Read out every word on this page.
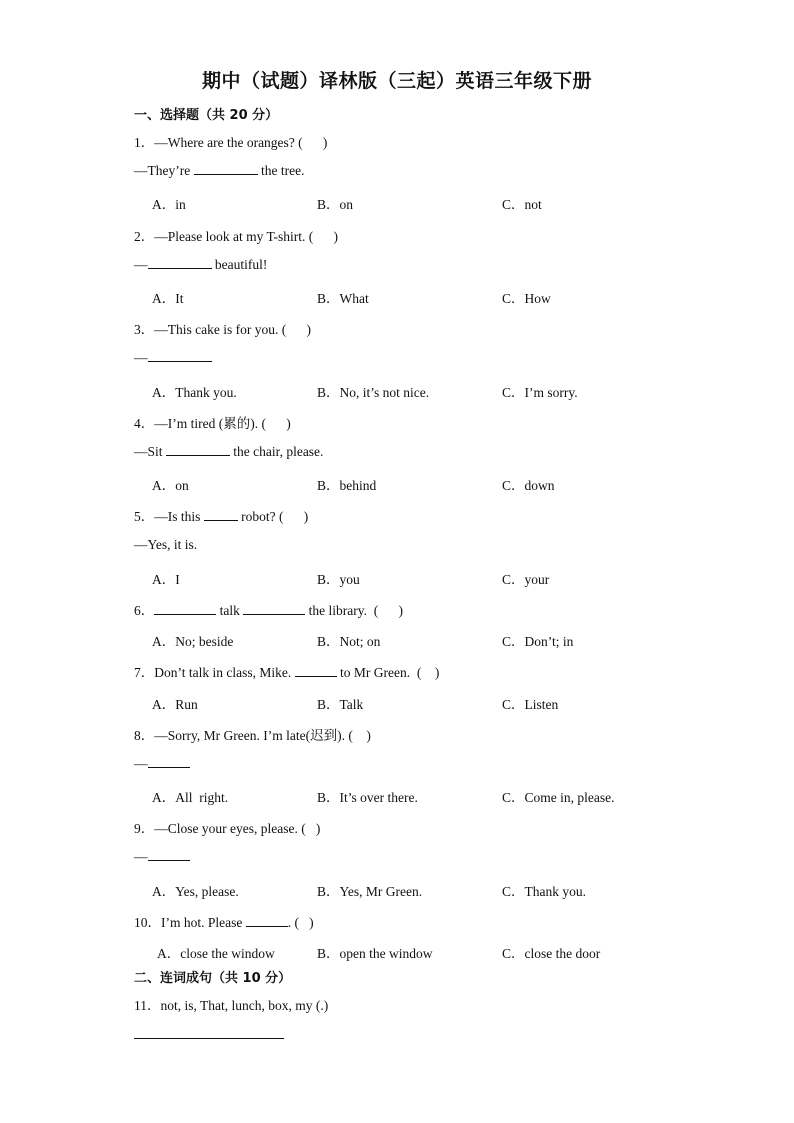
期中（试题）译林版（三起）英语三年级下册
一、选择题（共 20 分）
1．—Where are the oranges? (      )
—They’re	the tree.
A．in	B．on	C．not
2．—Please look at my T-shirt. (      )
—	beautiful!
A．It	B．What	C．How
3．—This cake is for you. (      )
—
A．Thank you.	B．No, it’s not nice.	C．I’m sorry.
4．—I’m tired (累的). (      )
—Sit	the chair, please.
A．on	B．behind	C．down
5．—Is this	robot? (      )
—Yes, it is.
A．I	B．you	C．your
6．	talk	the library.  (      )
A．No; beside	B．Not; on	C．Don’t; in
7．Don’t talk in class, Mike.	to Mr Green.  (    )
A．Run	B．Talk	C．Listen
8．—Sorry, Mr Green. I’m late(迟到). (    )
—
A．All  right.	B．It’s over there.	C．Come in, please.
9．—Close your eyes, please. (   )
—
A．Yes, please.	B．Yes, Mr Green.	C．Thank you.
10．I’m hot. Please	. (   )
A．close the window	B．open the window	C．close the door
二、连词成句（共 10 分）
11．not, is, That, lunch, box, my (.)
